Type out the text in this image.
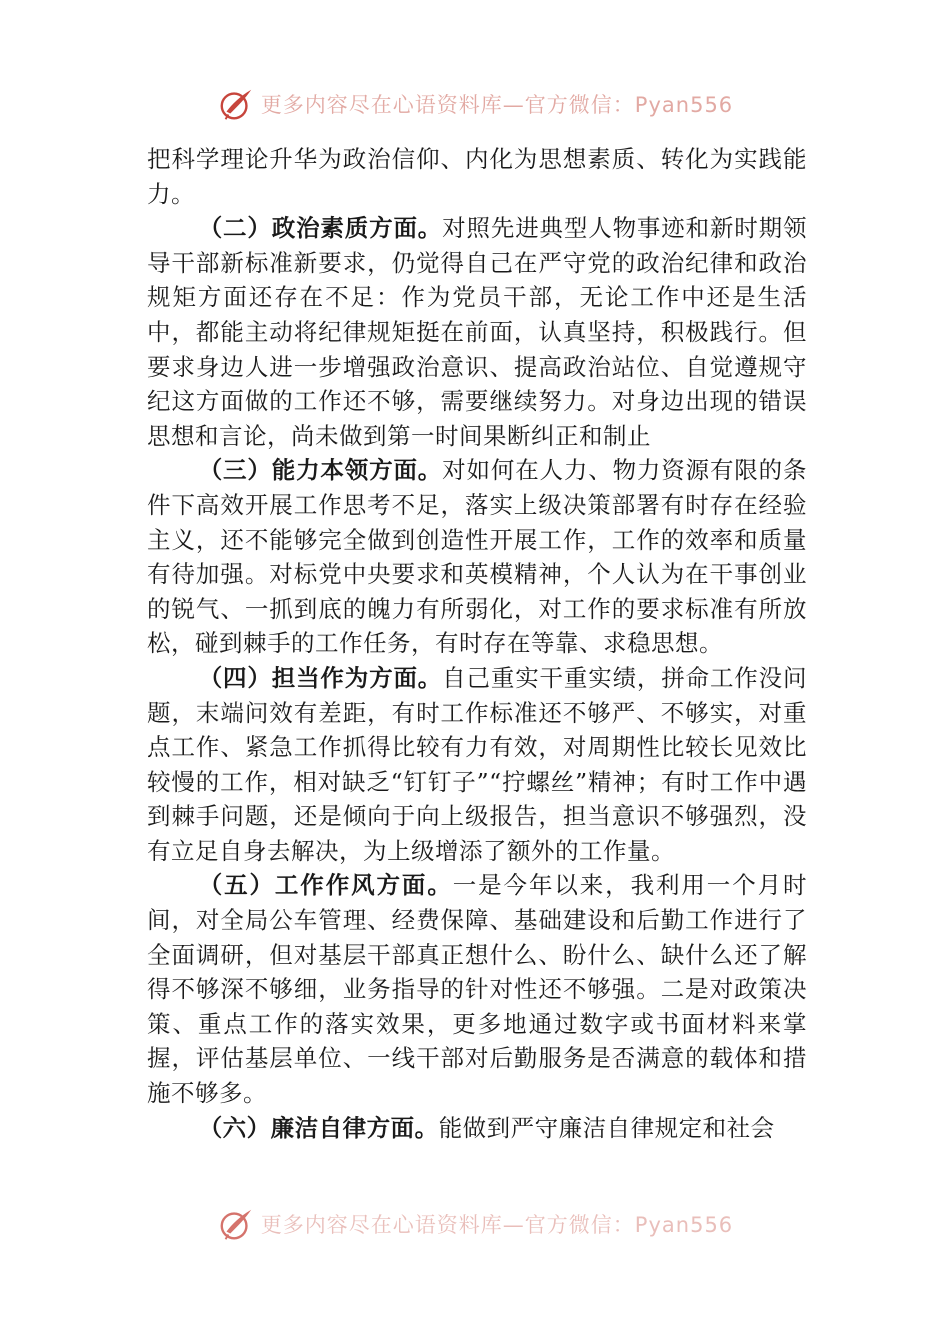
更多内容尽在心语资料库—官方微信：Pyan556

把科学理论升华为政治信仰、内化为思想素质、转化为实践能力。

（二）政治素质方面。对照先进典型人物事迹和新时期领导干部新标准新要求，仍觉得自己在严守党的政治纪律和政治规矩方面还存在不足：作为党员干部，无论工作中还是生活中，都能主动将纪律规矩挺在前面，认真坚持，积极践行。但要求身边人进一步增强政治意识、提高政治站位、自觉遵规守纪这方面做的工作还不够，需要继续努力。对身边出现的错误思想和言论，尚未做到第一时间果断纠正和制止

（三）能力本领方面。对如何在人力、物力资源有限的条件下高效开展工作思考不足，落实上级决策部署有时存在经验主义，还不能够完全做到创造性开展工作，工作的效率和质量有待加强。对标党中央要求和英模精神，个人认为在干事创业的锐气、一抓到底的魄力有所弱化，对工作的要求标准有所放松，碰到棘手的工作任务，有时存在等靠、求稳思想。

（四）担当作为方面。自己重实干重实绩，拼命工作没问题，末端问效有差距，有时工作标准还不够严、不够实，对重点工作、紧急工作抓得比较有力有效，对周期性比较长见效比较慢的工作，相对缺乏“钉钉子”“拧螺丝”精神；有时工作中遇到棘手问题，还是倾向于向上级报告，担当意识不够强烈，没有立足自身去解决，为上级增添了额外的工作量。

（五）工作作风方面。一是今年以来，我利用一个月时间，对全局公车管理、经费保障、基础建设和后勤工作进行了全面调研，但对基层干部真正想什么、盼什么、缺什么还了解得不够深不够细，业务指导的针对性还不够强。二是对政策决策、重点工作的落实效果，更多地通过数字或书面材料来掌握，评估基层单位、一线干部对后勤服务是否满意的载体和措施不够多。

（六）廉洁自律方面。能做到严守廉洁自律规定和社会

更多内容尽在心语资料库—官方微信：Pyan556
